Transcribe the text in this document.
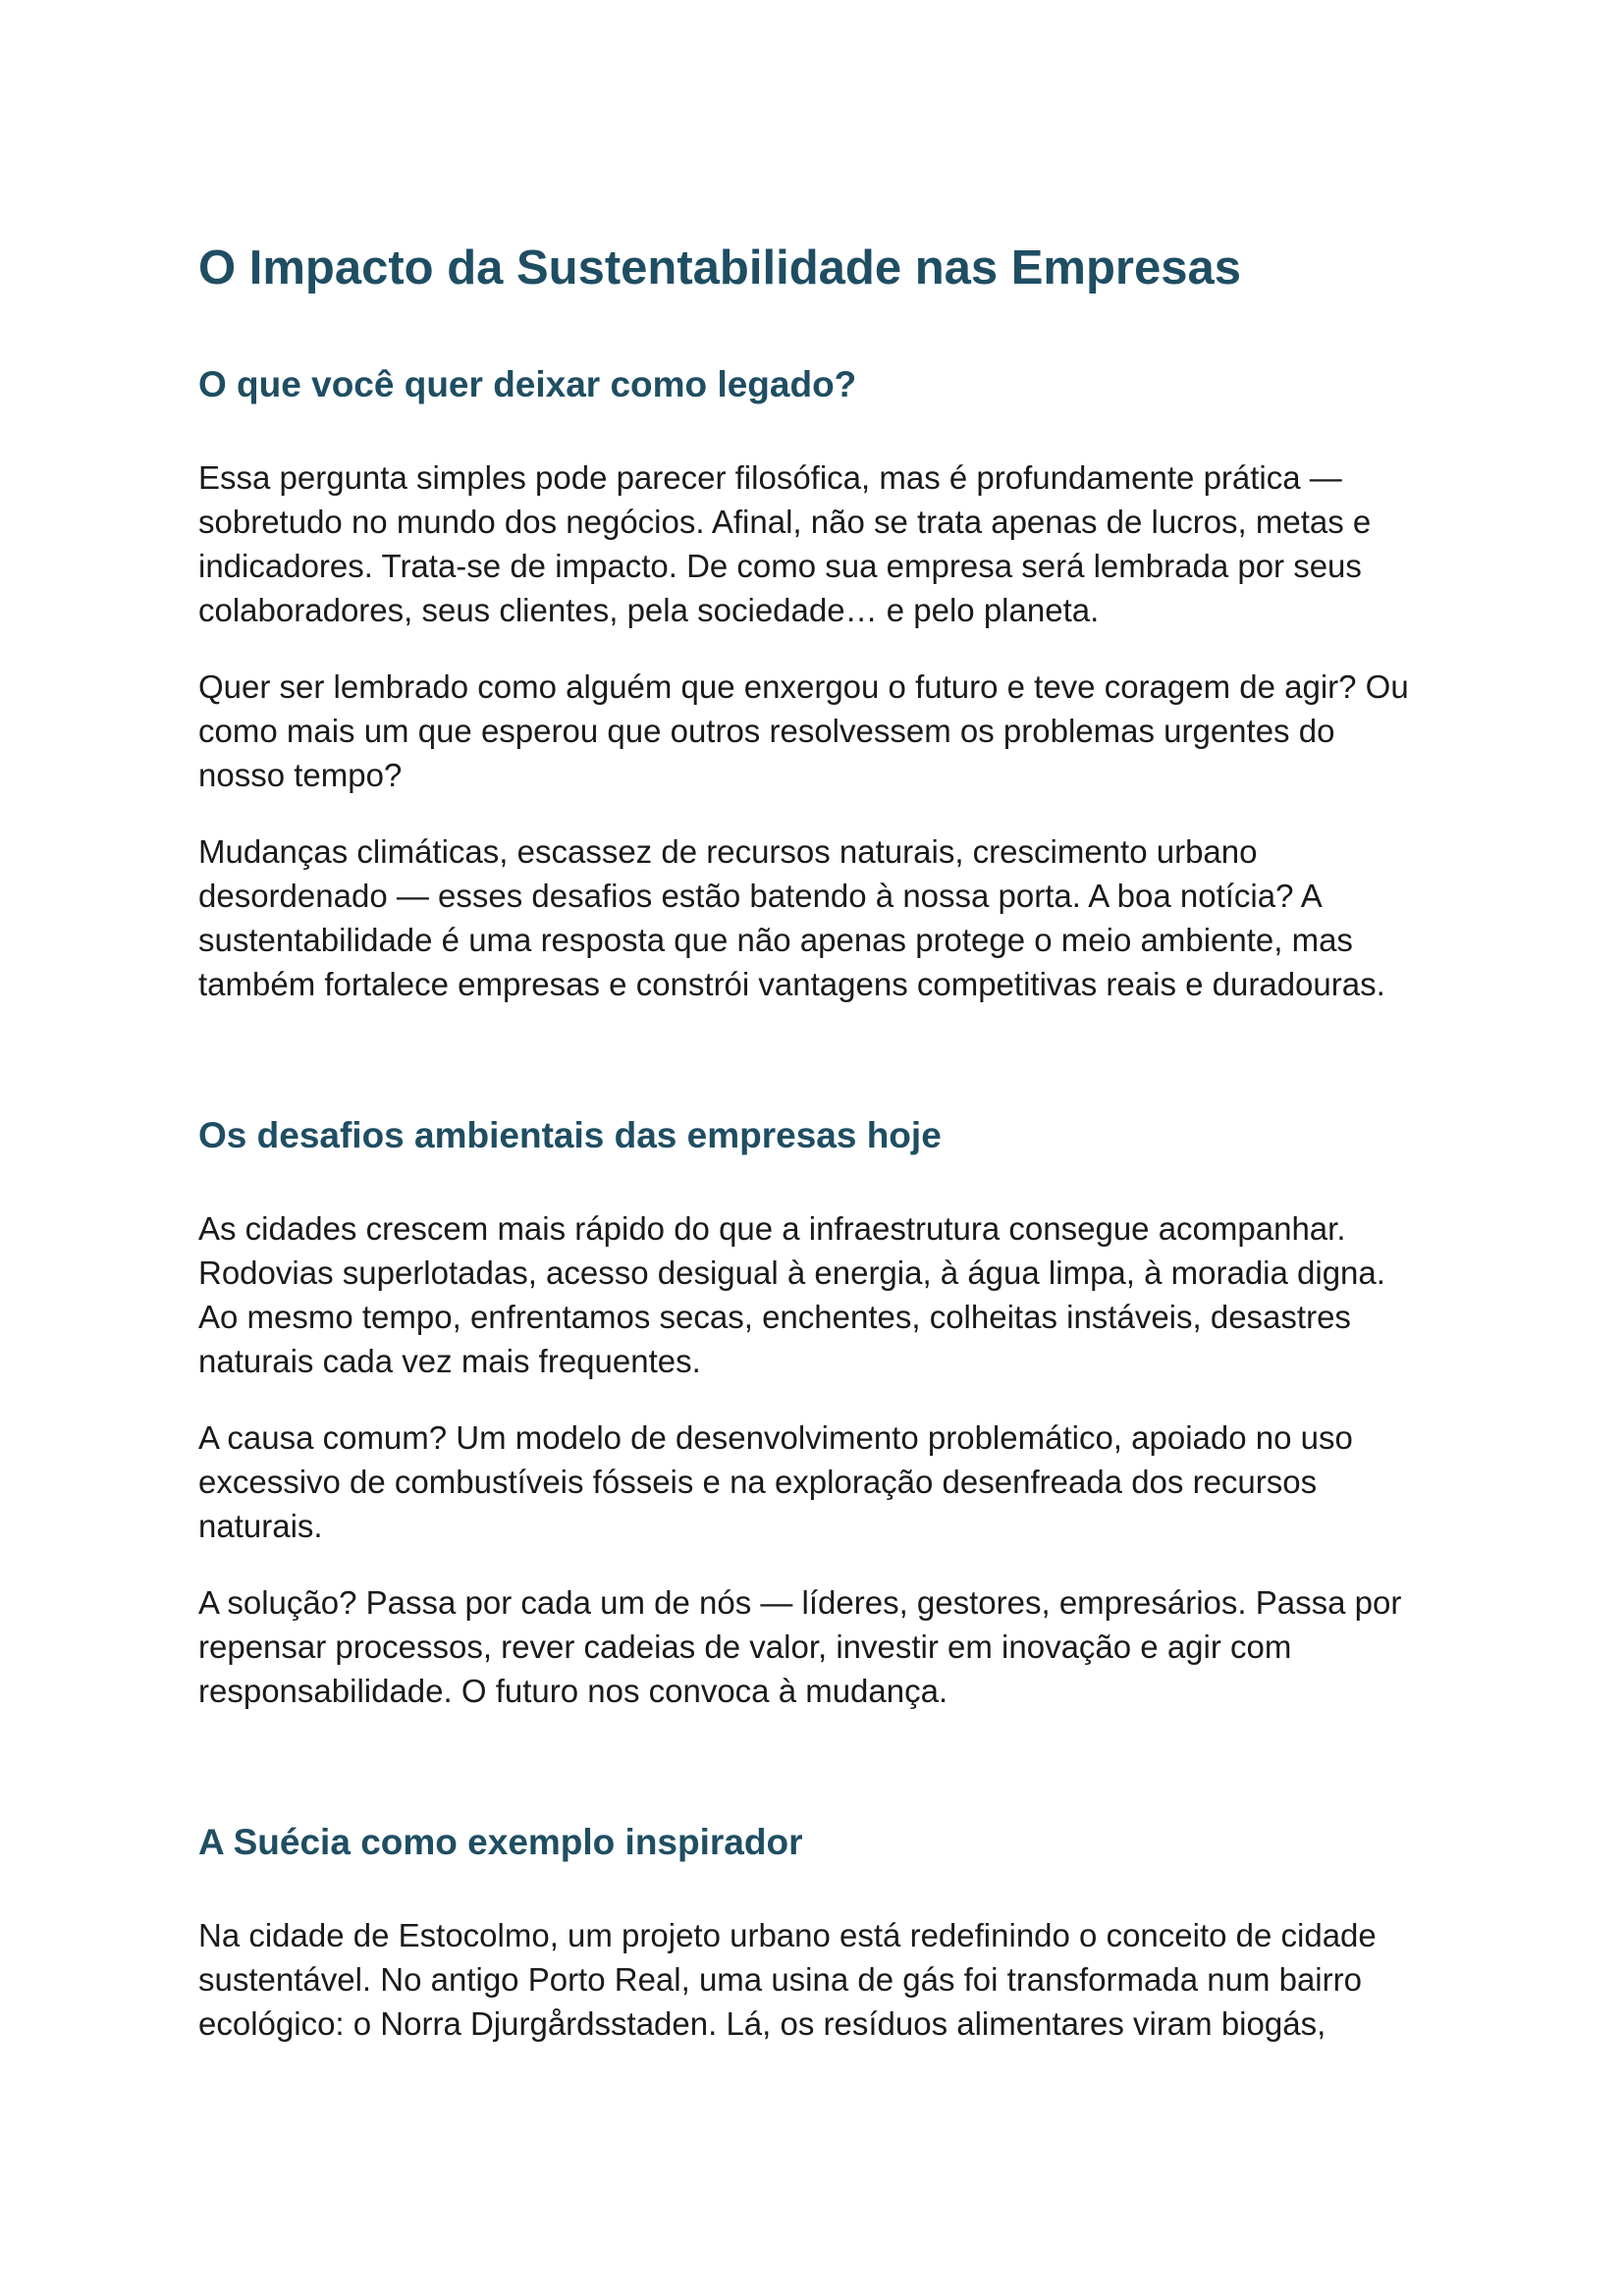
O Impacto da Sustentabilidade nas Empresas
O que você quer deixar como legado?

Essa pergunta simples pode parecer filosófica, mas é profundamente prática —
sobretudo no mundo dos negócios. Afinal, não se trata apenas de lucros, metas e
indicadores. Trata-se de impacto. De como sua empresa será lembrada por seus
colaboradores, seus clientes, pela sociedade… e pelo planeta.

Quer ser lembrado como alguém que enxergou o futuro e teve coragem de agir? Ou
como mais um que esperou que outros resolvessem os problemas urgentes do
nosso tempo?

Mudanças climáticas, escassez de recursos naturais, crescimento urbano
desordenado — esses desafios estão batendo à nossa porta. A boa notícia? A
sustentabilidade é uma resposta que não apenas protege o meio ambiente, mas
também fortalece empresas e constrói vantagens competitivas reais e duradouras.

Os desafios ambientais das empresas hoje

As cidades crescem mais rápido do que a infraestrutura consegue acompanhar.
Rodovias superlotadas, acesso desigual à energia, à água limpa, à moradia digna.
Ao mesmo tempo, enfrentamos secas, enchentes, colheitas instáveis, desastres
naturais cada vez mais frequentes.

A causa comum? Um modelo de desenvolvimento problemático, apoiado no uso
excessivo de combustíveis fósseis e na exploração desenfreada dos recursos
naturais.

A solução? Passa por cada um de nós — líderes, gestores, empresários. Passa por
repensar processos, rever cadeias de valor, investir em inovação e agir com
responsabilidade. O futuro nos convoca à mudança.

A Suécia como exemplo inspirador

Na cidade de Estocolmo, um projeto urbano está redefinindo o conceito de cidade
sustentável. No antigo Porto Real, uma usina de gás foi transformada num bairro
ecológico: o Norra Djurgårdsstaden. Lá, os resíduos alimentares viram biogás,
